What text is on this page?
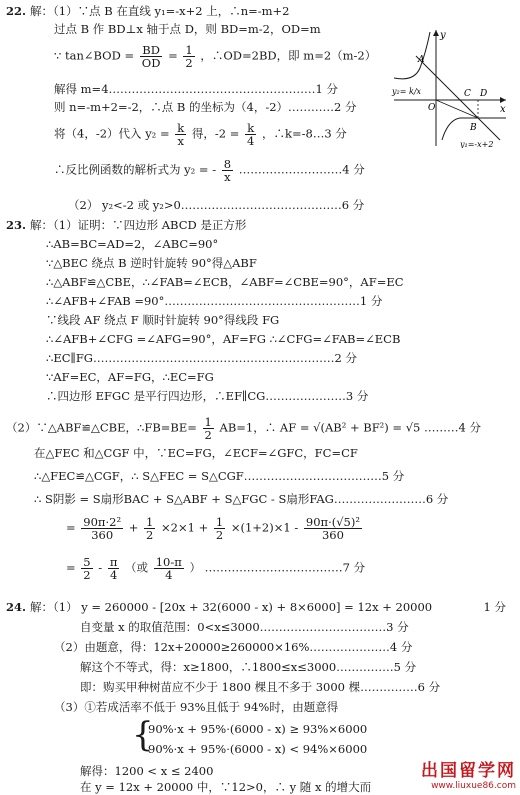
22. 解：（1）∵点 B 在直线 y₁=-x+2 上，∴n=-m+2
过点 B 作 BD⊥x 轴于点 D，则 BD=m-2，OD=m
∵ tan∠BOD = $\frac{BD}{OD} = \frac{1}{2}$ ，∴OD=2BD，即 m=2（m-2）
解得 m=4………………………………………………1 分
则 n=-m+2=-2，∴点 B 的坐标为（4，-2）…………2 分
将（4，-2）代入 $y_2 = \frac{k}{x}$ 得，$-2 = \frac{k}{4}$ ，∴k=-8…3 分
∴反比例函数的解析式为 y₂ = - $\frac{8}{x}$ ………………………4 分
（2） y₂<-2 或 y₂>0……………………………………6 分
y
x
O
A
B
C D
y₂= k/x
y₁=-x+2
23. 解：（1）证明：∵四边形 ABCD 是正方形
∴AB=BC=AD=2，∠ABC=90°
∵△BEC 绕点 B 逆时针旋转 90°得△ABF
∴△ABF≌△CBE，∴∠FAB=∠ECB，∠ABF=∠CBE=90°，AF=EC
∴∠AFB+∠FAB =90°……………………………………………1 分
∵线段 AF 绕点 F 顺时针旋转 90°得线段 FG
∴∠AFB+∠CFG =∠AFG=90°，AF=FG ∴∠CFG=∠FAB=∠ECB
∴EC∥FG………………………………………………………2 分
∵AF=EC，AF=FG，∴EC=FG
∴四边形 EFGC 是平行四边形，∴EF∥CG…………………3 分
（2）∵△ABF≌△CBE，∴FB=BE= $\frac{1}{2} AB=1$，∴ AF = √(AB² + BF²) = √5 ………4 分
在△FEC 和△CGF 中，∵EC=FG，∠ECF=∠GFC，FC=CF
∴△FEC≌△CGF，∴ S△FEC = S△CGF………………………………5 分
∴ S阴影 = S扇形BAC + S△ABF + S△FGC - S扇形FAG……………………6 分
= $\frac{\text{90π·2²}}{360} + \frac{1}{2} \times 2\times 1 + \frac{1}{2} \times(1+2)\times 1 - \frac{\text{90π·(√5)²}}{360}$
= $\frac{5}{2} - \frac{\pi}{4}$ （或 $\frac{10-\pi}{4}$ ） ………………………………7 分
24. 解：（1） y = 260000 - [20x + 32(6000 - x) + 8×6000] = 12x + 20000	1 分
自变量 x 的取值范围：0<x≤3000……………………………3 分
（2）由题意，得：12x+20000≥260000×16%…………………4 分
解这个不等式，得：x≥1800，∴1800≤x≤3000……………5 分
即：购买甲种树苗应不少于 1800 棵且不多于 3000 棵……………6 分
（3）①若成活率不低于 93%且低于 94%时，由题意得
{
90%·x + 95%·(6000 - x) ≥ 93%×6000
90%·x + 95%·(6000 - x) < 94%×6000
解得：1200 < x ≤ 2400
在 y = 12x + 20000 中，∵12>0，∴ y 随 x 的增大而
出国留学网
www.liuxue86.com
